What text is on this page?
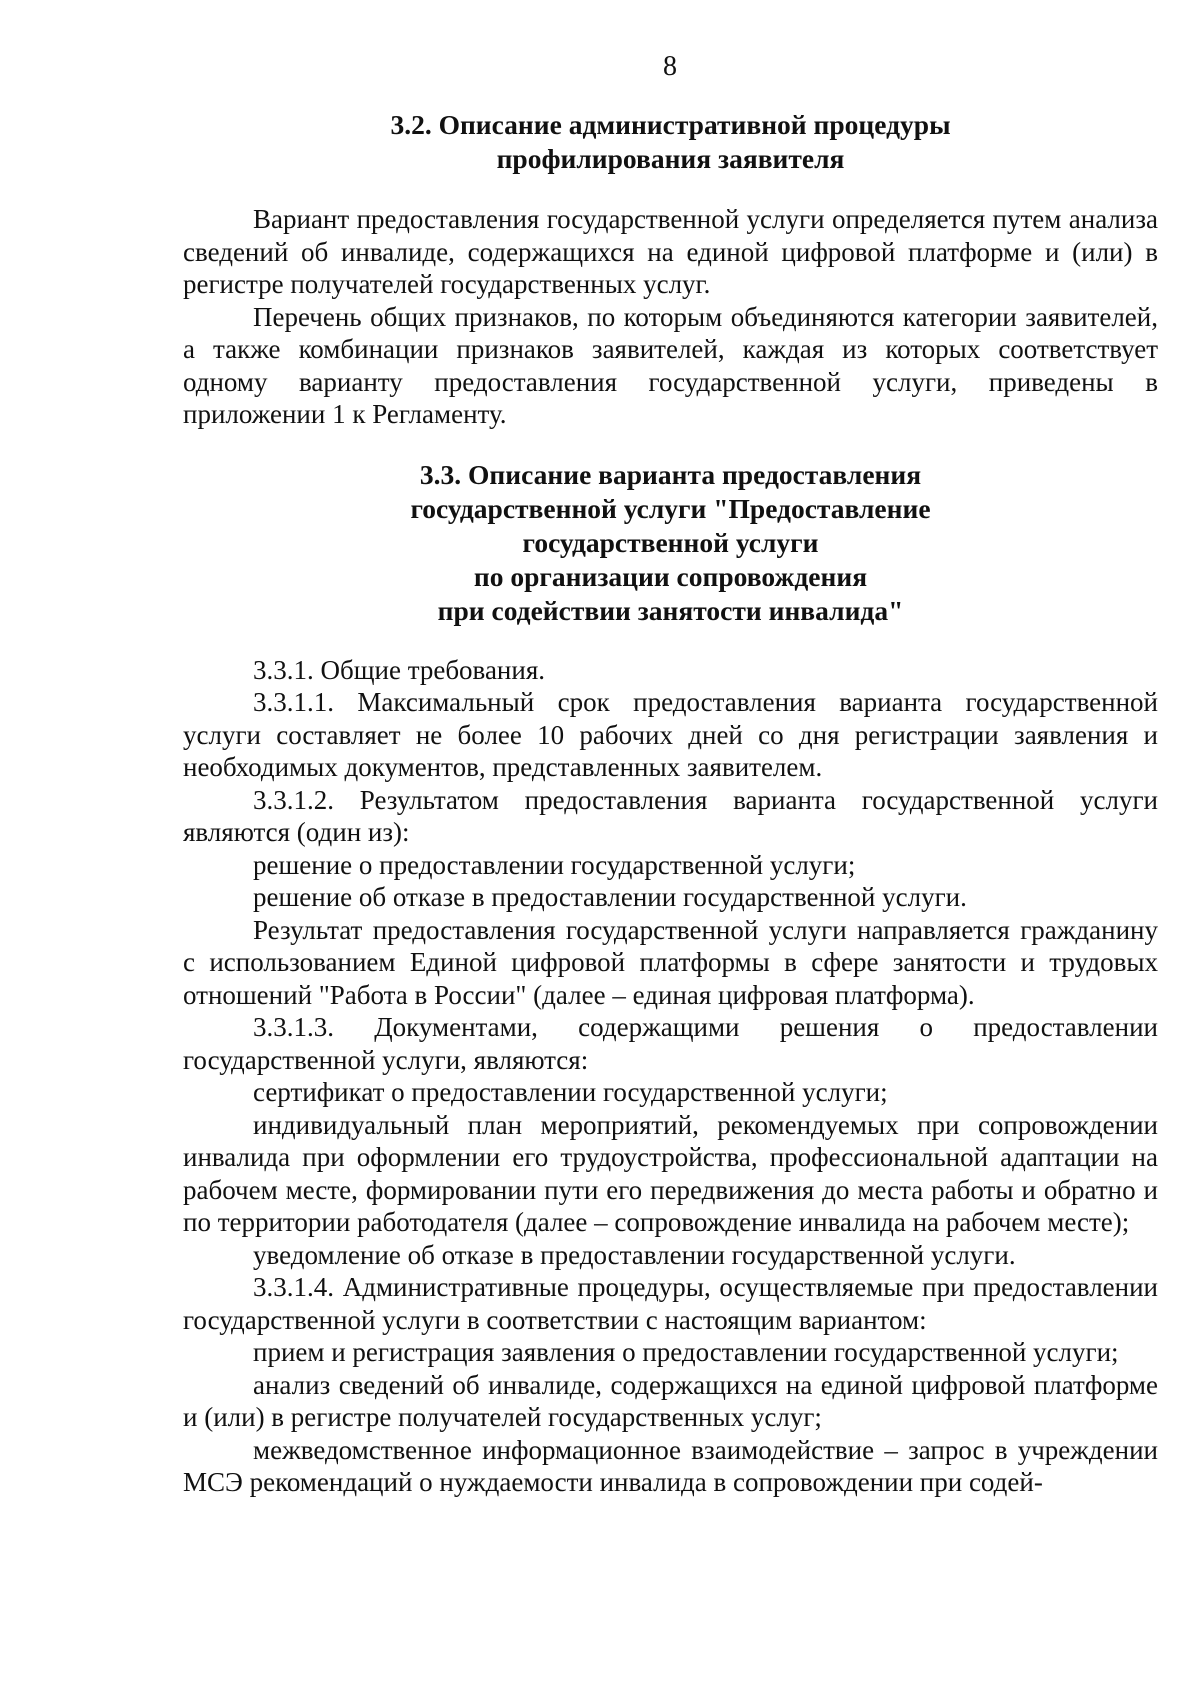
8
3.2. Описание административной процедуры
профилирования заявителя

Вариант предоставления государственной услуги определяется путем анализа сведений об инвалиде, содержащихся на единой цифровой платформе и (или) в регистре получателей государственных услуг.

Перечень общих признаков, по которым объединяются категории заявителей, а также комбинации признаков заявителей, каждая из которых соответствует одному варианту предоставления государственной услуги, приведены в приложении 1 к Регламенту.

3.3. Описание варианта предоставления
государственной услуги "Предоставление
государственной услуги
по организации сопровождения
при содействии занятости инвалида"

3.3.1. Общие требования.

3.3.1.1. Максимальный срок предоставления варианта государственной услуги составляет не более 10 рабочих дней со дня регистрации заявления и необходимых документов, представленных заявителем.

3.3.1.2. Результатом предоставления варианта государственной услуги являются (один из):

решение о предоставлении государственной услуги;

решение об отказе в предоставлении государственной услуги.

Результат предоставления государственной услуги направляется гражданину с использованием Единой цифровой платформы в сфере занятости и трудовых отношений "Работа в России" (далее – единая цифровая платформа).

3.3.1.3. Документами, содержащими решения о предоставлении государственной услуги, являются:

сертификат о предоставлении государственной услуги;

индивидуальный план мероприятий, рекомендуемых при сопровождении инвалида при оформлении его трудоустройства, профессиональной адаптации на рабочем месте, формировании пути его передвижения до места работы и обратно и по территории работодателя (далее – сопровождение инвалида на рабочем месте);

уведомление об отказе в предоставлении государственной услуги.

3.3.1.4. Административные процедуры, осуществляемые при предоставлении государственной услуги в соответствии с настоящим вариантом:

прием и регистрация заявления о предоставлении государственной услуги;

анализ сведений об инвалиде, содержащихся на единой цифровой платформе и (или) в регистре получателей государственных услуг;

межведомственное информационное взаимодействие – запрос в учреждении МСЭ рекомендаций о нуждаемости инвалида в сопровождении при содей-
